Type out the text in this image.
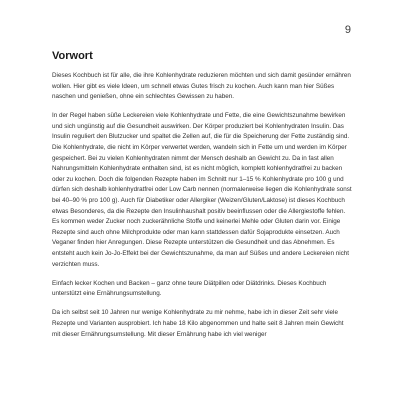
9
Vorwort

Dieses Kochbuch ist für alle, die ihre Kohlenhydrate reduzieren möchten und sich damit gesünder ernähren wollen. Hier gibt es viele Ideen, um schnell etwas Gutes frisch zu kochen. Auch kann man hier Süßes naschen und genießen, ohne ein schlechtes Gewissen zu haben.

In der Regel haben süße Leckereien viele Kohlenhydrate und Fette, die eine Gewichtszunahme bewirken und sich ungünstig auf die Gesundheit auswirken. Der Körper produziert bei Kohlenhydraten Insulin. Das Insulin reguliert den Blutzucker und spaltet die Zellen auf, die für die Speicherung der Fette zuständig sind. Die Kohlenhydrate, die nicht im Körper verwertet werden, wandeln sich in Fette um und werden im Körper gespeichert. Bei zu vielen Kohlenhydraten nimmt der Mensch deshalb an Gewicht zu. Da in fast allen Nahrungsmitteln Kohlenhydrate enthalten sind, ist es nicht möglich, komplett kohlenhydratfrei zu backen oder zu kochen. Doch die folgenden Rezepte haben im Schnitt nur 1–15 % Kohlenhydrate pro 100 g und dürfen sich deshalb kohlenhydratfrei oder Low Carb nennen (normalerweise liegen die Kohlenhydrate sonst bei 40–90 % pro 100 g). Auch für Diabetiker oder Allergiker (Weizen/Gluten/Laktose) ist dieses Kochbuch etwas Besonderes, da die Rezepte den Insulinhaushalt positiv beeinflussen oder die Allergiestoffe fehlen. Es kommen weder Zucker noch zuckerähnliche Stoffe und keinerlei Mehle oder Gluten darin vor. Einige Rezepte sind auch ohne Milchprodukte oder man kann stattdessen dafür Sojaprodukte einsetzen. Auch Veganer finden hier Anregungen. Diese Rezepte unterstützen die Gesundheit und das Abnehmen. Es entsteht auch kein Jo-Jo-Effekt bei der Gewichtszunahme, da man auf Süßes und andere Leckereien nicht verzichten muss.

Einfach lecker Kochen und Backen – ganz ohne teure Diätpillen oder Diätdrinks. Dieses Kochbuch unterstützt eine Ernährungsumstellung.

Da ich selbst seit 10 Jahren nur wenige Kohlenhydrate zu mir nehme, habe ich in dieser Zeit sehr viele Rezepte und Varianten ausprobiert. Ich habe 18 Kilo abgenommen und halte seit 8 Jahren mein Gewicht mit dieser Ernährungsumstellung. Mit dieser Ernährung habe ich viel weniger
